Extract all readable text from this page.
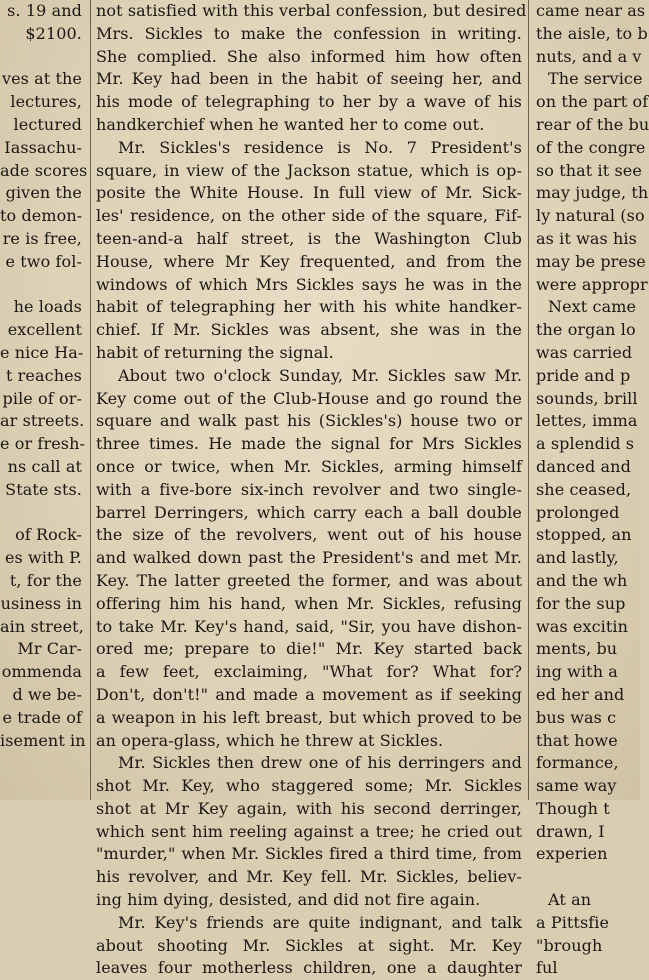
s. 19 and
$2100.

ves at the
lectures,
lectured
Iassachu-
ade scores
given the
to demon-
re is free,
e two fol-

he loads
excellent
e nice Ha-
t reaches
pile of or-
ar streets.
e or fresh-
ns call at
State sts.

of Rock-
es with P.
t, for the
usiness in
ain street,
Mr Car-
ommenda
d we be-
e trade of
isement in
not satisfied with this verbal confession, but desired
Mrs. Sickles to make the confession in writing.
She complied. She also informed him how often
Mr. Key had been in the habit of seeing her, and
his mode of telegraphing to her by a wave of his
handkerchief when he wanted her to come out.
Mr. Sickles's residence is No. 7 President's
square, in view of the Jackson statue, which is op-
posite the White House. In full view of Mr. Sick-
les' residence, on the other side of the square, Fif-
teen-and-a half street, is the Washington Club
House, where Mr Key frequented, and from the
windows of which Mrs Sickles says he was in the
habit of telegraphing her with his white handker-
chief. If Mr. Sickles was absent, she was in the
habit of returning the signal.
About two o'clock Sunday, Mr. Sickles saw Mr.
Key come out of the Club-House and go round the
square and walk past his (Sickles's) house two or
three times. He made the signal for Mrs Sickles
once or twice, when Mr. Sickles, arming himself
with a five-bore six-inch revolver and two single-
barrel Derringers, which carry each a ball double
the size of the revolvers, went out of his house
and walked down past the President's and met Mr.
Key. The latter greeted the former, and was about
offering him his hand, when Mr. Sickles, refusing
to take Mr. Key's hand, said, "Sir, you have dishon-
ored me; prepare to die!" Mr. Key started back
a few feet, exclaiming, "What for? What for?
Don't, don't!" and made a movement as if seeking
a weapon in his left breast, but which proved to be
an opera-glass, which he threw at Sickles.
Mr. Sickles then drew one of his derringers and
shot Mr. Key, who staggered some; Mr. Sickles
shot at Mr Key again, with his second derringer,
which sent him reeling against a tree; he cried out
"murder," when Mr. Sickles fired a third time, from
his revolver, and Mr. Key fell. Mr. Sickles, believ-
ing him dying, desisted, and did not fire again.
Mr. Key's friends are quite indignant, and talk
about shooting Mr. Sickles at sight. Mr. Key
leaves four motherless children, one a daughter
came near as
the aisle, to b
nuts, and a v
The service
on the part of
rear of the bu
of the congre
so that it see
may judge, th
ly natural (so
as it was his
may be prese
were appropr
Next came
the organ lo
was carried
pride and p
sounds, brill
lettes, imma
a splendid s
danced and
she ceased,
prolonged
stopped, an
and lastly,
and the wh
for the sup
was excitin
ments, bu
ing with a
ed her and
bus was c
that howe
formance,
same way
Though t
drawn, I
experien

At an
a Pittsfie
"brough
ful
